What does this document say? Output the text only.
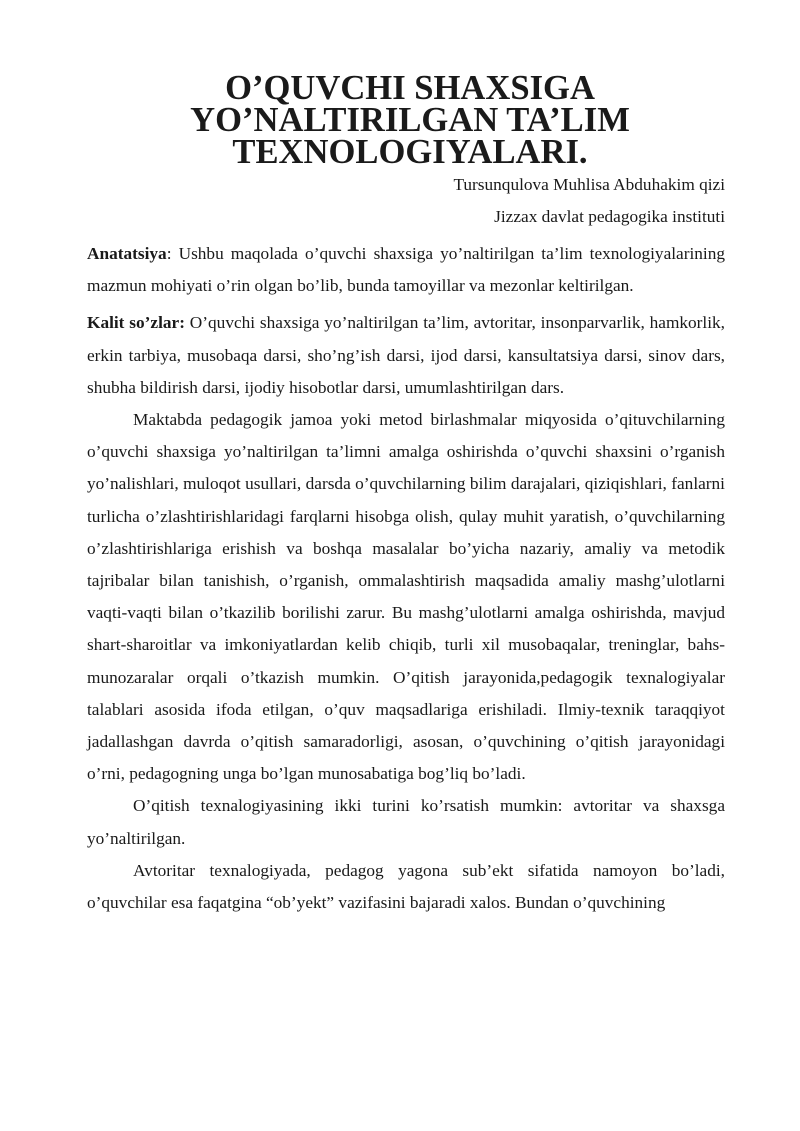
O’QUVCHI SHAXSIGA YO’NALTIRILGAN TA’LIM
TEXNOLOGIYALARI.

Tursunqulova Muhlisa Abduhakim qizi

Jizzax davlat pedagogika instituti

Anatatsiya: Ushbu maqolada o’quvchi shaxsiga yo’naltirilgan ta’lim texnologiyalarining mazmun mohiyati o’rin olgan bo’lib, bunda tamoyillar va mezonlar keltirilgan.

Kalit so’zlar: O’quvchi shaxsiga yo’naltirilgan ta’lim, avtoritar, insonparvarlik, hamkorlik, erkin tarbiya, musobaqa darsi, sho’ng’ish darsi, ijod darsi, kansultatsiya darsi, sinov dars, shubha bildirish darsi, ijodiy hisobotlar darsi, umumlashtirilgan dars.

Maktabda pedagogik jamoa yoki metod birlashmalar miqyosida o’qituvchilarning o’quvchi shaxsiga yo’naltirilgan ta’limni amalga oshirishda o’quvchi shaxsini o’rganish yo’nalishlari, muloqot usullari, darsda o’quvchilarning bilim darajalari, qiziqishlari, fanlarni turlicha o’zlashtirishlaridagi farqlarni hisobga olish, qulay muhit yaratish, o’quvchilarning o’zlashtirishlariga erishish va boshqa masalalar bo’yicha nazariy, amaliy va metodik tajribalar bilan tanishish, o’rganish, ommalashtirish maqsadida amaliy mashg’ulotlarni vaqti-vaqti bilan o’tkazilib borilishi zarur. Bu mashg’ulotlarni amalga oshirishda, mavjud shart-sharoitlar va imkoniyatlardan kelib chiqib, turli xil musobaqalar, treninglar, bahs-munozaralar orqali o’tkazish mumkin. O’qitish jarayonida,pedagogik texnalogiyalar talablari asosida ifoda etilgan, o’quv maqsadlariga erishiladi. Ilmiy-texnik taraqqiyot jadallashgan davrda o’qitish samaradorligi, asosan, o’quvchining o’qitish jarayonidagi o’rni, pedagogning unga bo’lgan munosabatiga bog’liq bo’ladi.

O’qitish texnalogiyasining ikki turini ko’rsatish mumkin: avtoritar va shaxsga yo’naltirilgan.

Avtoritar texnalogiyada, pedagog yagona sub’ekt sifatida namoyon bo’ladi, o’quvchilar esa faqatgina “ob’yekt” vazifasini bajaradi xalos. Bundan o’quvchining
